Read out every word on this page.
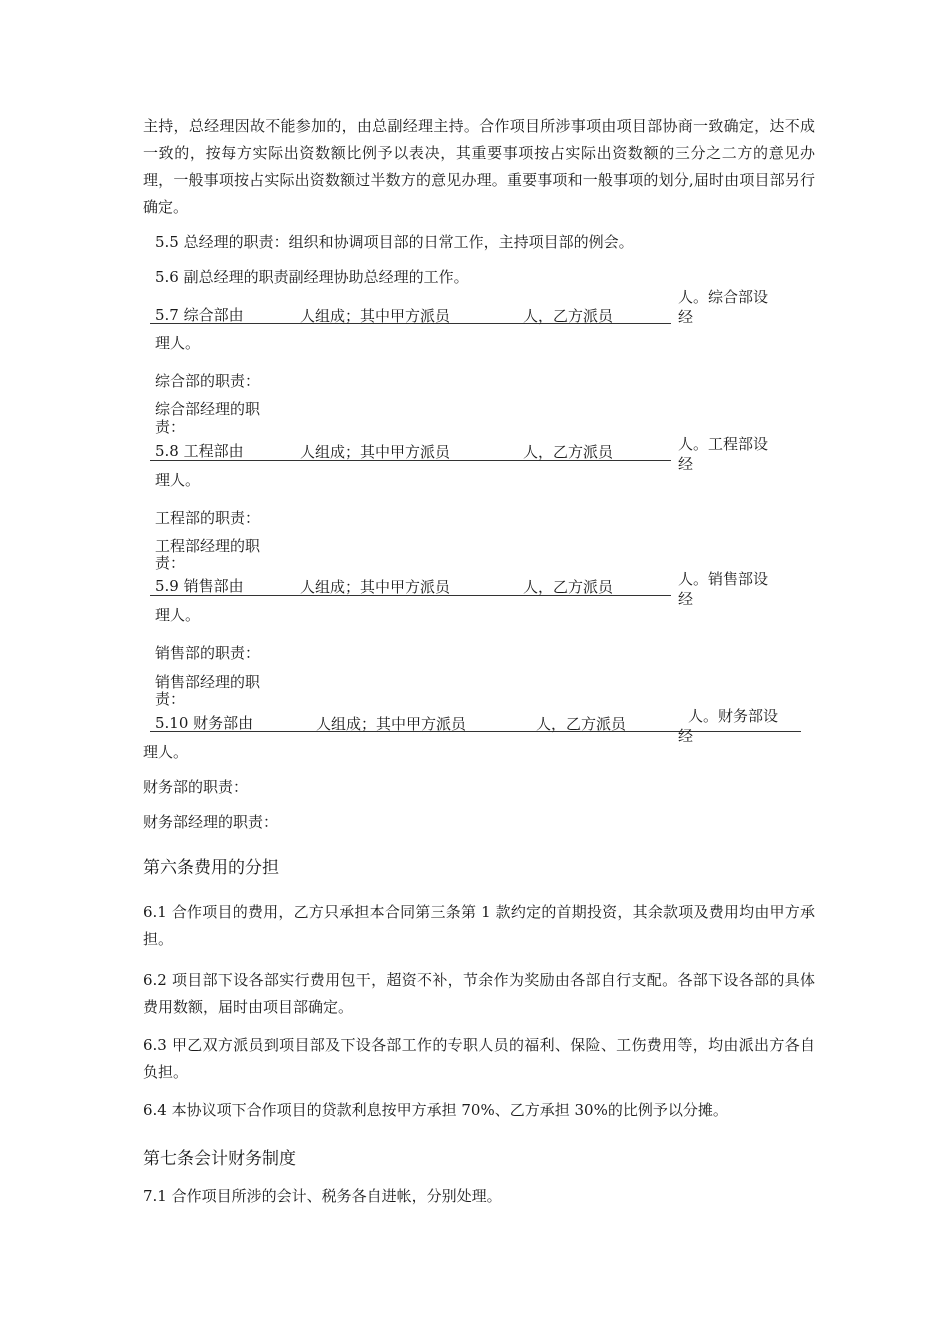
主持，总经理因故不能参加的，由总副经理主持。合作项目所涉事项由项目部协商一致确定，达不成一致的，按每方实际出资数额比例予以表决，其重要事项按占实际出资数额的三分之二方的意见办理，一般事项按占实际出资数额过半数方的意见办理。重要事项和一般事项的划分,届时由项目部另行确定。
5.5 总经理的职责：组织和协调项目部的日常工作，主持项目部的例会。
5.6 副总经理的职责副经理协助总经理的工作。
5.7 综合部由	人组成；其中甲方派员	人，乙方派员
人。综合部设
经
理人。
综合部的职责：
综合部经理的职
责：
5.8 工程部由	人组成；其中甲方派员	人，乙方派员	人。工程部设
经
理人。
工程部的职责：
工程部经理的职
责：
5.9 销售部由	人组成；其中甲方派员	人，乙方派员	人。销售部设
经
理人。
销售部的职责：
销售部经理的职
责：
5.10 财务部由	人组成；其中甲方派员	人，乙方派员	人。财务部设
经
理人。
财务部的职责：
财务部经理的职责：
第六条费用的分担
6.1 合作项目的费用，乙方只承担本合同第三条第 1 款约定的首期投资，其余款项及费用均由甲方承担。
6.2 项目部下设各部实行费用包干，超资不补，节余作为奖励由各部自行支配。各部下设各部的具体费用数额，届时由项目部确定。
6.3 甲乙双方派员到项目部及下设各部工作的专职人员的福利、保险、工伤费用等，均由派出方各自负担。
6.4 本协议项下合作项目的贷款利息按甲方承担 70%、乙方承担 30%的比例予以分摊。
第七条会计财务制度
7.1 合作项目所涉的会计、税务各自进帐，分别处理。
